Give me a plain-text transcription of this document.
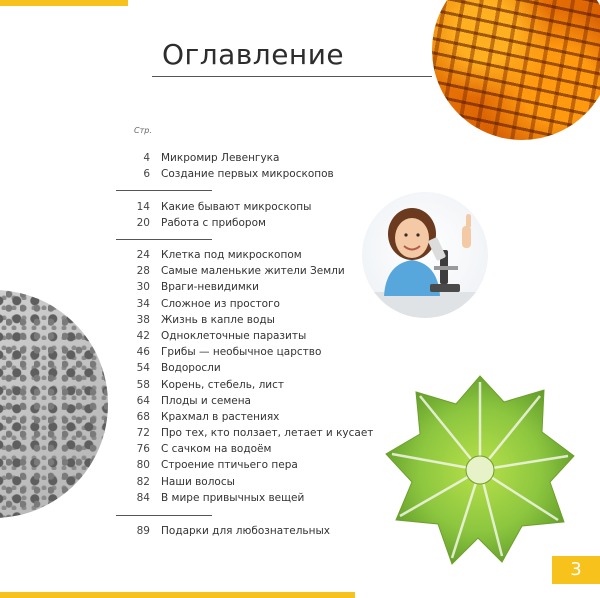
Оглавление
Стр.
4 Микромир Левенгука
6 Создание первых микроскопов
14 Какие бывают микроскопы
20 Работа с прибором
24 Клетка под микроскопом
28 Самые маленькие жители Земли
30 Враги-невидимки
34 Сложное из простого
38 Жизнь в капле воды
42 Одноклеточные паразиты
46 Грибы — необычное царство
54 Водоросли
58 Корень, стебель, лист
64 Плоды и семена
68 Крахмал в растениях
72 Про тех, кто ползает, летает и кусает
76 С сачком на водоём
80 Строение птичьего пера
82 Наши волосы
84 В мире привычных вещей
89 Подарки для любознательных
3
